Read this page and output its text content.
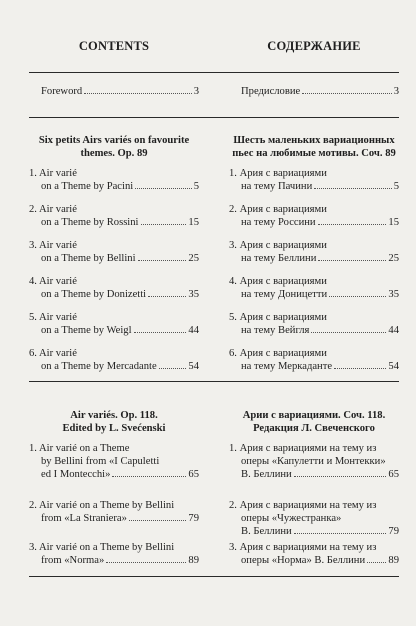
CONTENTS
Foreword	3
Six petits Airs variés on favourite
themes. Op. 89
1. Air varié
on a Theme by Pacini	5
2. Air varié
on a Theme by Rossini	15
3. Air varié
on a Theme by Bellini	25
4. Air varié
on a Theme by Donizetti	35
5. Air varié
on a Theme by Weigl	44
6. Air varié
on a Theme by Mercadante	54
Air variés. Op. 118.
Edited by L. Svećenski
1. Air varié on a Theme
by Bellini from «I Capuletti
ed I Montecchi»	65
2. Air varié on a Theme by Bellini
from «La Straniera»	79
3. Air varié on a Theme by Bellini
from «Norma»	89
СОДЕРЖАНИЕ
Предисловие	3
Шесть маленьких вариационных
пьес на любимые мотивы. Соч. 89
1. Ария с вариациями
на тему Пачини	5
2. Ария с вариациями
на тему Россини	15
3. Ария с вариациями
на тему Беллини	25
4. Ария с вариациями
на тему Доницетти	35
5. Ария с вариациями
на тему Вейгля	44
6. Ария с вариациями
на тему Меркаданте	54
Арии с вариациями. Соч. 118.
Редакция Л. Свеченского
1. Ария с вариациями на тему из
оперы «Капулетти и Монтекки»
В. Беллини	65
2. Ария с вариациями на тему из
оперы «Чужестранка»
В. Беллини	79
3. Ария с вариациями на тему из
оперы «Норма» В. Беллини 89
